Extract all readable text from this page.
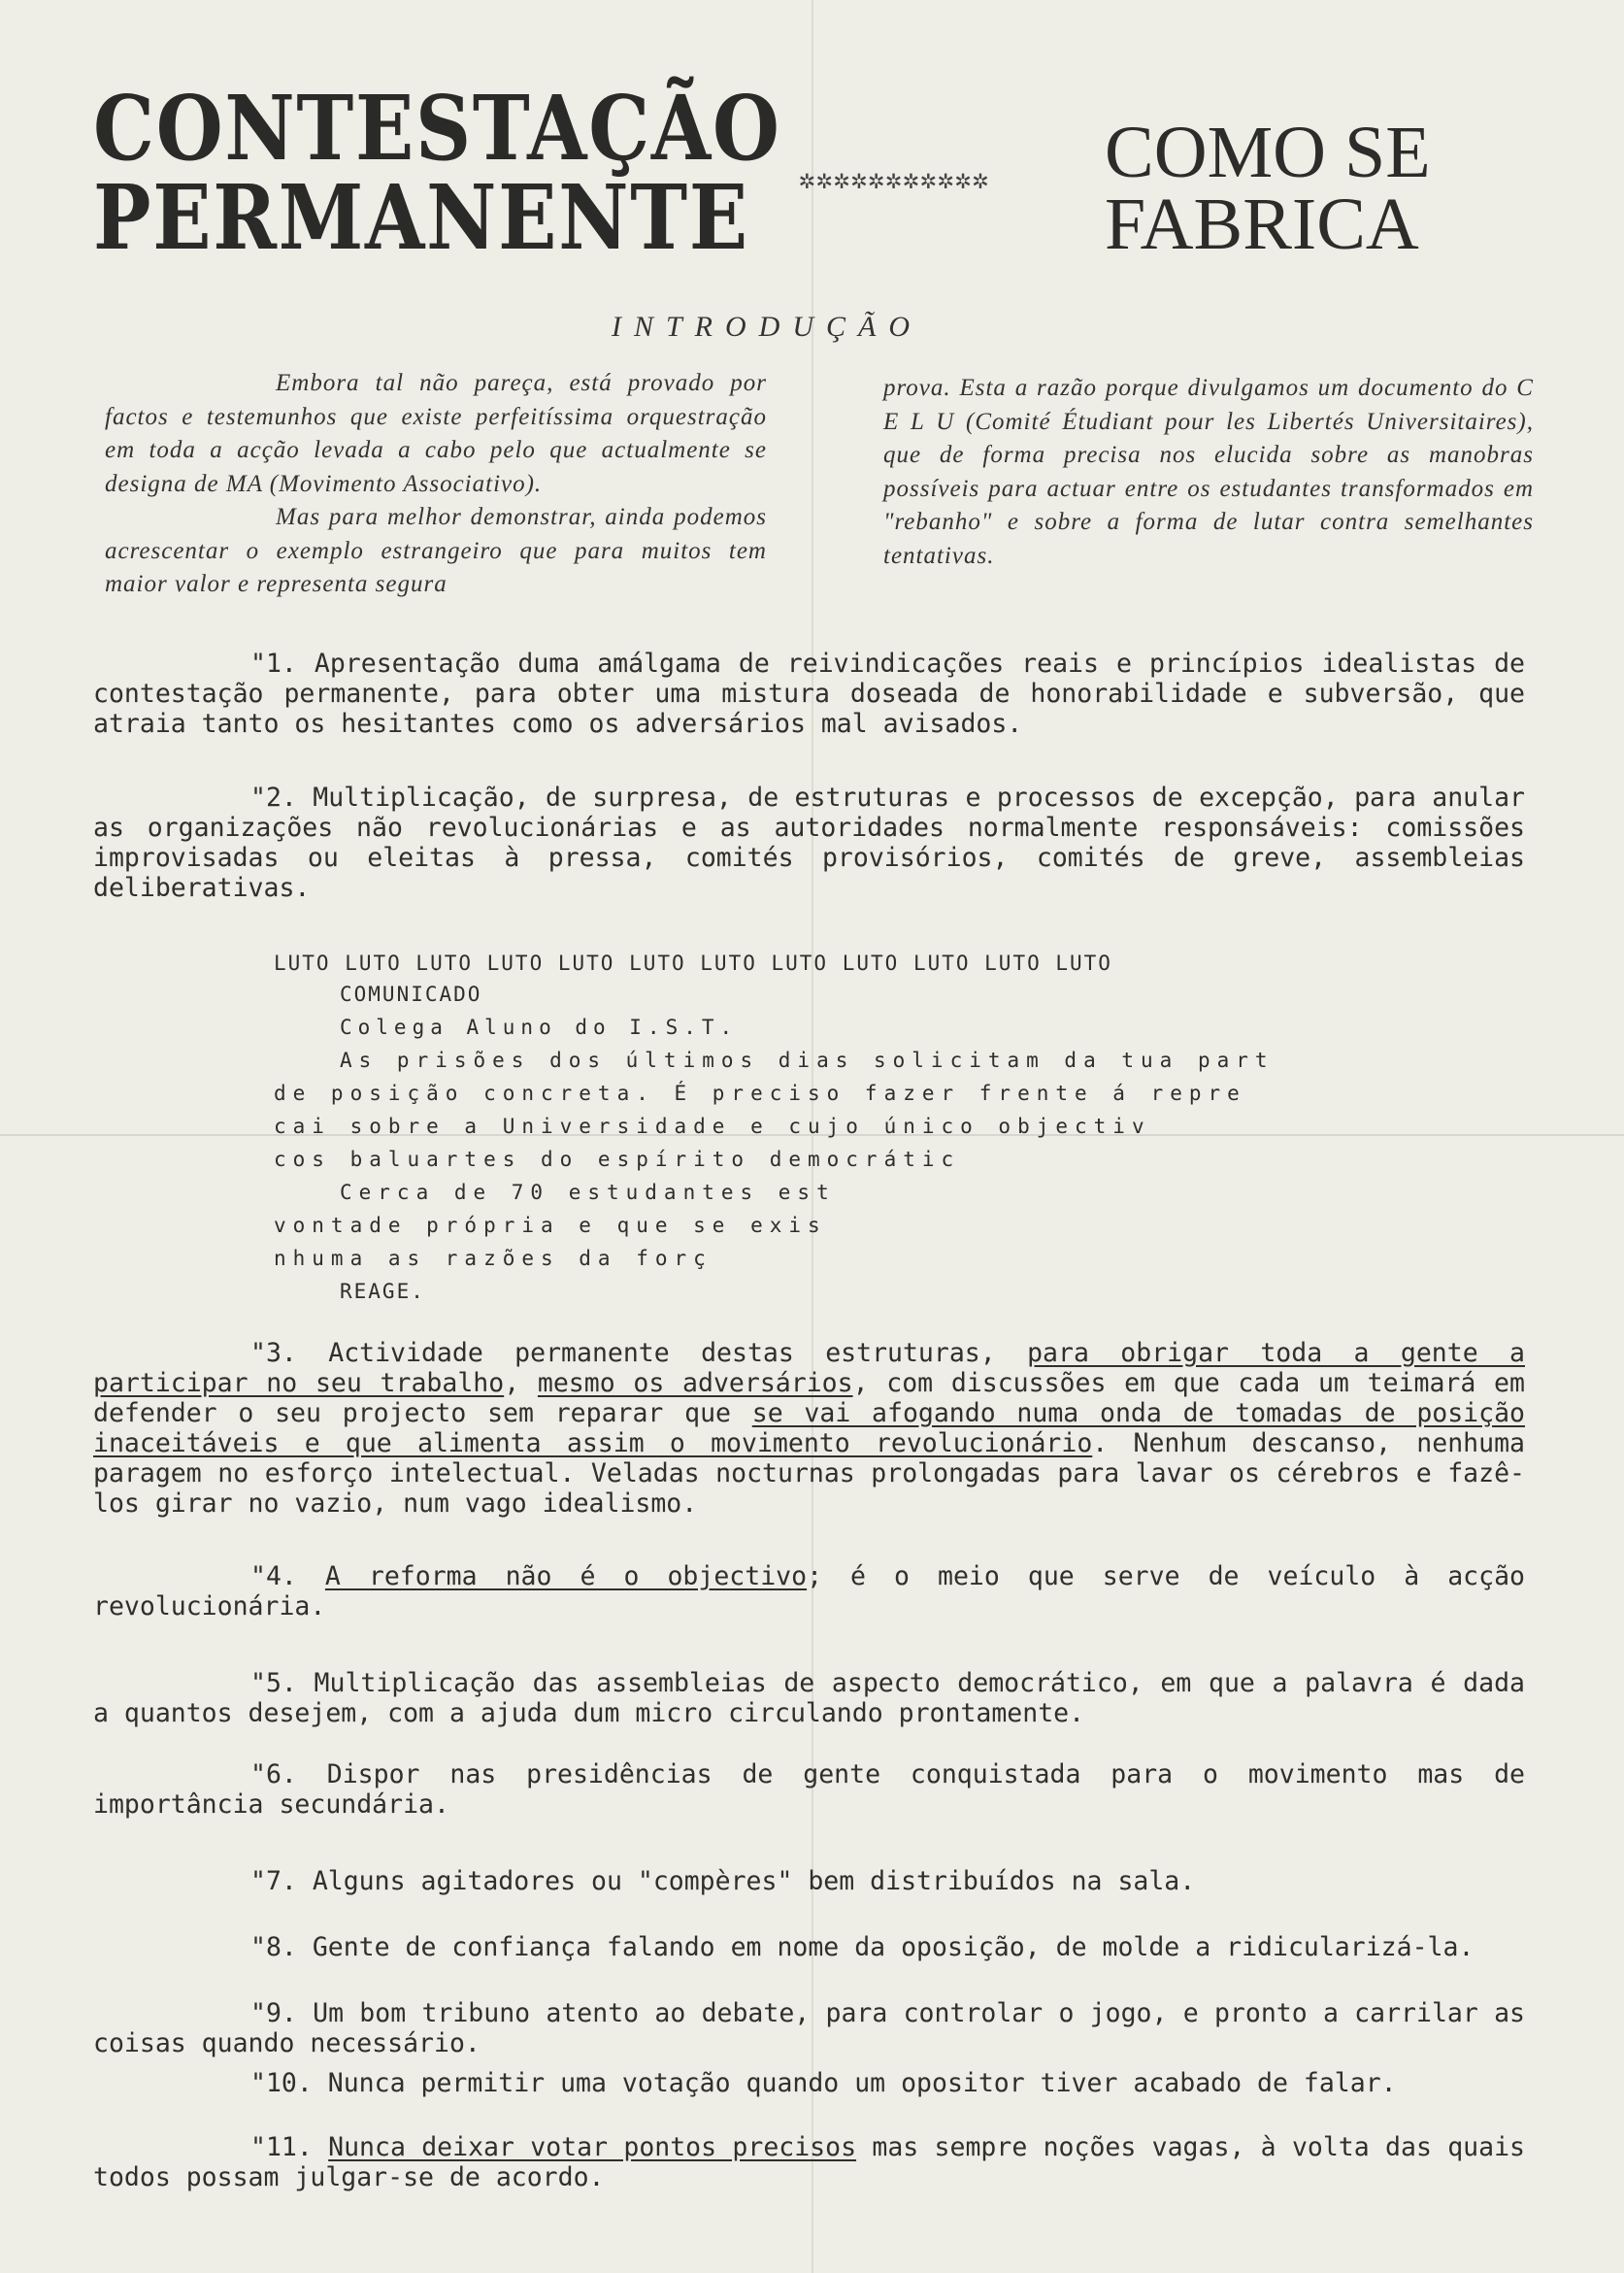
CONTESTAÇÃO
PERMANENTE	✲✲✲✲✲✲✲✲✲✲✲ COMO SE
FABRICA
INTRODUÇÃO
Embora tal não pareça, está provado por factos e testemunhos que existe perfeitíssima orquestração em toda a acção levada a cabo pelo que actualmente se designa de MA (Movimento Associativo).
Mas para melhor demonstrar, ainda podemos acrescentar o exemplo estrangeiro que para muitos tem maior valor e representa segura
prova. Esta a razão porque divulgamos um documento do C E L U (Comité Étudiant pour les Libertés Universitaires), que de forma precisa nos elucida sobre as manobras possíveis para actuar entre os estudantes transformados em "rebanho" e sobre a forma de lutar contra semelhantes tentativas.
"1. Apresentação duma amálgama de reivindicações reais e princípios idealistas de contestação permanente, para obter uma mistura doseada de honorabilidade e subversão, que atraia tanto os hesitantes como os adversários mal avisados.
"2. Multiplicação, de surpresa, de estruturas e processos de excepção, para anular as organizações não revolucionárias e as autoridades normalmente responsáveis: comissões improvisadas ou eleitas à pressa, comités provisórios, comités de greve, assembleias deliberativas.
LUTO LUTO LUTO LUTO LUTO LUTO LUTO LUTO LUTO LUTO LUTO LUTO
COMUNICADO
Colega Aluno do I.S.T.
As prisões dos últimos dias solicitam da tua part
de posição concreta. É preciso fazer frente á repre
cai sobre a Universidade e cujo único objectiv
cos baluartes do espírito democrátic
Cerca de 70 estudantes est
vontade própria e que se exis
nhuma as razões da forç
REAGE.
"3. Actividade permanente destas estruturas, para obrigar toda a gente a participar no seu trabalho, mesmo os adversários, com discussões em que cada um teimará em defender o seu projecto sem reparar que se vai afogando numa onda de tomadas de posição inaceitáveis e que alimenta assim o movimento revolucionário. Nenhum descanso, nenhuma paragem no esforço intelectual. Veladas nocturnas prolongadas para lavar os cérebros e fazê-los girar no vazio, num vago idealismo.
"4. A reforma não é o objectivo; é o meio que serve de veículo à acção revolucionária.
"5. Multiplicação das assembleias de aspecto democrático, em que a palavra é dada a quantos desejem, com a ajuda dum micro circulando prontamente.
"6. Dispor nas presidências de gente conquistada para o movimento mas de importância secundária.
"7. Alguns agitadores ou "compères" bem distribuídos na sala.
"8. Gente de confiança falando em nome da oposição, de molde a ridicularizá-la.
"9. Um bom tribuno atento ao debate, para controlar o jogo, e pronto a carrilar as coisas quando necessário.
"10. Nunca permitir uma votação quando um opositor tiver acabado de falar.
"11. Nunca deixar votar pontos precisos mas sempre noções vagas, à volta das quais todos possam julgar-se de acordo.
